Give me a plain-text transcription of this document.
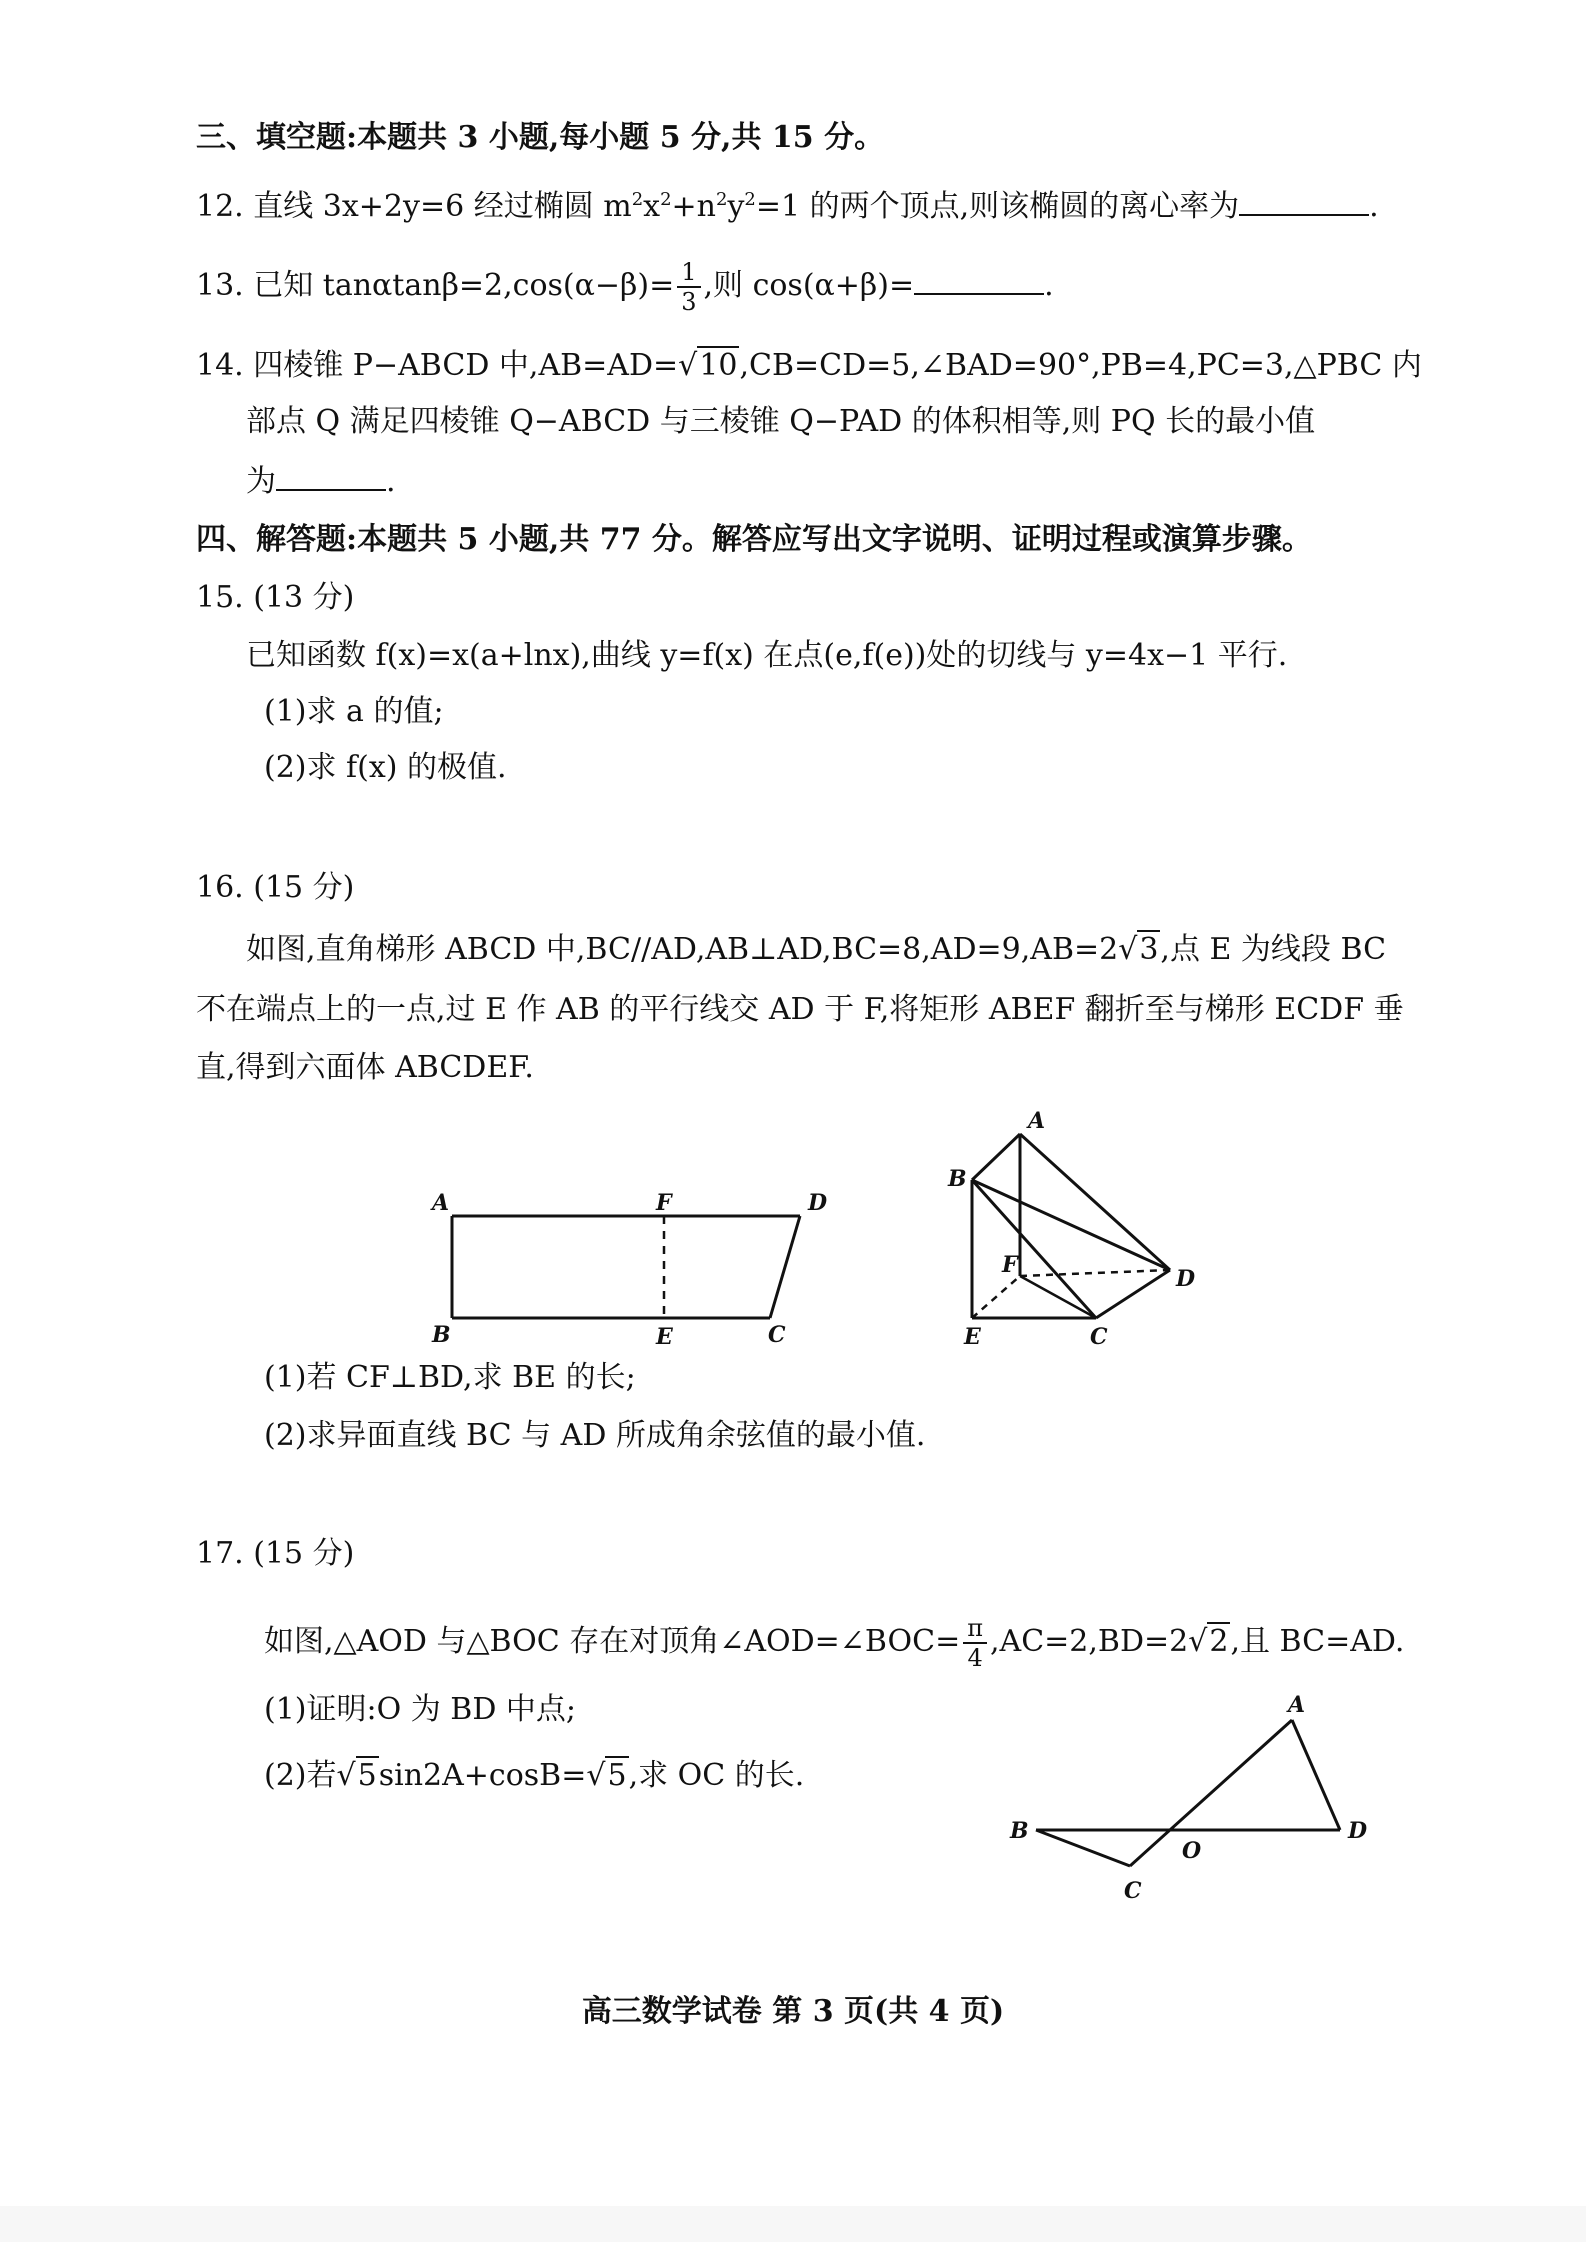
三、填空题:本题共 3 小题,每小题 5 分,共 15 分。
12. 直线 3x+2y=6 经过椭圆 $m^2x^2+n^2y^2=1$ 的两个顶点,则该椭圆的离心率为	.
13. 已知 $\tan\alpha\tan\beta=2,\cos(\alpha-\beta)= \frac{1}{3}$ ,则 cos(α+β)=	.
14. 四棱锥 P−ABCD 中,AB=AD=√10,CB=CD=5,∠BAD=90°,PB=4,PC=3,△PBC 内
部点 Q 满足四棱锥 Q−ABCD 与三棱锥 Q−PAD 的体积相等,则 PQ 长的最小值
为	.
四、解答题:本题共 5 小题,共 77 分。解答应写出文字说明、证明过程或演算步骤。
15. (13 分)
已知函数 f(x)=x(a+lnx),曲线 y=f(x) 在点(e,f(e))处的切线与 y=4x−1 平行.
(1)求 a 的值;
(2)求 f(x) 的极值.
16. (15 分)
如图,直角梯形 ABCD 中,BC//AD,AB⊥AD,BC=8,AD=9,AB=2√3,点 E 为线段 BC
不在端点上的一点,过 E 作 AB 的平行线交 AD 于 F,将矩形 ABEF 翻折至与梯形 ECDF 垂
直,得到六面体 ABCDEF.
A	F	D
B	E	C
A
B
F
D
E	C
(1)若 CF⊥BD,求 BE 的长;
(2)求异面直线 BC 与 AD 所成角余弦值的最小值.
17. (15 分)
如图,△AOD 与△BOC 存在对顶角∠AOD=∠BOC= $\frac{\pi}{4} ,AC=2,BD=2√2$,且 BC=AD.
(1)证明:O 为 BD 中点;
(2)若√5sin2A+cosB=√5,求 OC 的长.
A
B
O
D
C
高三数学试卷 第 3 页(共 4 页)
